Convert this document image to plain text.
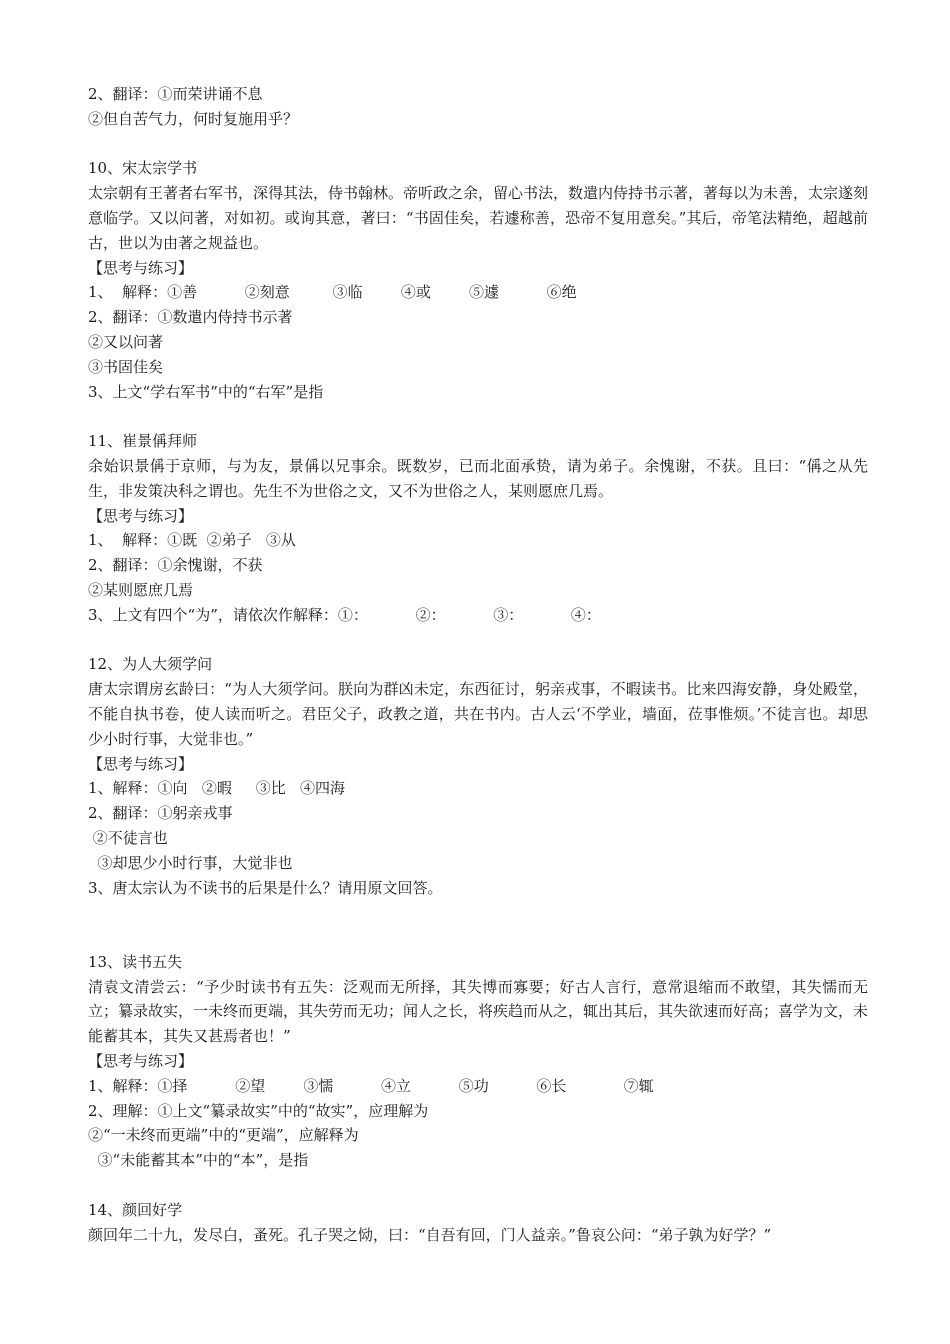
2、翻译：①而荣讲诵不息
②但自苦气力，何时复施用乎？
10、宋太宗学书
太宗朝有王著者右军书，深得其法，侍书翰林。帝听政之余，留心书法，数遣内侍持书示著，著每以为未善，太宗遂刻意临学。又以问著，对如初。或询其意，著曰：“书固佳矣，若遽称善，恐帝不复用意矣。”其后，帝笔法精绝，超越前古，世以为由著之规益也。
【思考与练习】
1、  解释：①善          ②刻意         ③临        ④或        ⑤遽          ⑥绝
2、翻译：①数遣内侍持书示著
②又以问著
③书固佳矣
3、上文“学右军书”中的“右军”是指
11、崔景偁拜师
余始识景偁于京师，与为友，景偁以兄事余。既数岁，已而北面承贽，请为弟子。余愧谢，不获。且曰：“偁之从先生，非发策决科之谓也。先生不为世俗之文，又不为世俗之人，某则愿庶几焉。
【思考与练习】
1、  解释：①既  ②弟子   ③从
2、翻译：①余愧谢，不获
②某则愿庶几焉
3、上文有四个“为”，请依次作解释：①：          ②：          ③：          ④：
12、为人大须学问
唐太宗谓房玄龄曰：“为人大须学问。朕向为群凶未定，东西征讨，躬亲戎事，不暇读书。比来四海安静，身处殿堂，不能自执书卷，使人读而听之。君臣父子，政教之道，共在书内。古人云‘不学业，墙面，莅事惟烦。’不徒言也。却思少小时行事，大觉非也。”
【思考与练习】
1、解释：①向   ②暇     ③比   ④四海
2、翻译：①躬亲戎事
②不徒言也
③却思少小时行事，大觉非也
3、唐太宗认为不读书的后果是什么？请用原文回答。
13、读书五失
清袁文清尝云：“予少时读书有五失：泛观而无所择，其失博而寡要；好古人言行，意常退缩而不敢望，其失懦而无立；纂录故实，一未终而更端，其失劳而无功；闻人之长，将疾趋而从之，辄出其后，其失欲速而好高；喜学为文，未能蓄其本，其失又甚焉者也！”
【思考与练习】
1、解释：①择          ②望        ③懦          ④立          ⑤功          ⑥长            ⑦辄
2、理解：①上文“纂录故实”中的“故实”，应理解为
②“一未终而更端”中的“更端”，应解释为
③“未能蓄其本”中的“本”，是指
14、颜回好学
颜回年二十九，发尽白，蚤死。孔子哭之恸，曰：“自吾有回，门人益亲。”鲁哀公问：“弟子孰为好学？”
